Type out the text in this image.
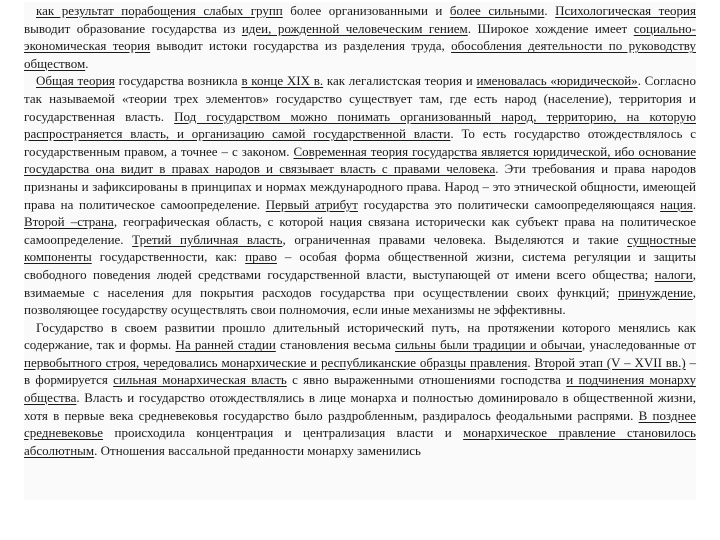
как результат порабощения слабых групп более организованными и более сильными. Психологическая теория выводит образование государства из идеи, рожденной человеческим гением. Широкое хождение имеет социально-экономическая теория выводит истоки государства из разделения труда, обособления деятельности по руководству обществом.

Общая теория государства возникла в конце XIX в. как легалистская теория и именовалась «юридической». Согласно так называемой «теории трех элементов» государство существует там, где есть народ (население), территория и государственная власть. Под государством можно понимать организованный народ, территорию, на которую распространяется власть, и организацию самой государственной власти. То есть государство отождествлялось с государственным правом, а точнее – с законом. Современная теория государства является юридической, ибо основание государства она видит в правах народов и связывает власть с правами человека. Эти требования и права народов признаны и зафиксированы в принципах и нормах международного права. Народ – это этнической общности, имеющей права на политическое самоопределение. Первый атрибут государства это политически самоопределяющаяся нация. Второй –страна, географическая область, с которой нация связана исторически как субъект права на политическое самоопределение. Третий публичная власть, ограниченная правами человека. Выделяются и такие сущностные компоненты государственности, как: право – особая форма общественной жизни, система регуляции и защиты свободного поведения людей средствами государственной власти, выступающей от имени всего общества; налоги, взимаемые с населения для покрытия расходов государства при осуществлении своих функций; принуждение, позволяющее государству осуществлять свои полномочия, если иные механизмы не эффективны.

Государство в своем развитии прошло длительный исторический путь, на протяжении которого менялись как содержание, так и формы. На ранней стадии становления весьма сильны были традиции и обычаи, унаследованные от первобытного строя, чередовались монархические и республиканские образцы правления. Второй этап (V – XVII вв.) – в формируется сильная монархическая власть с явно выраженными отношениями господства и подчинения монарху общества. Власть и государство отождествлялись в лице монарха и полностью доминировало в общественной жизни, хотя в первые века средневековья государство было раздробленным, раздиралось феодальными распрями. В позднее средневековье происходила концентрация и централизация власти и монархическое правление становилось абсолютным. Отношения вассальной преданности монарху заменились
